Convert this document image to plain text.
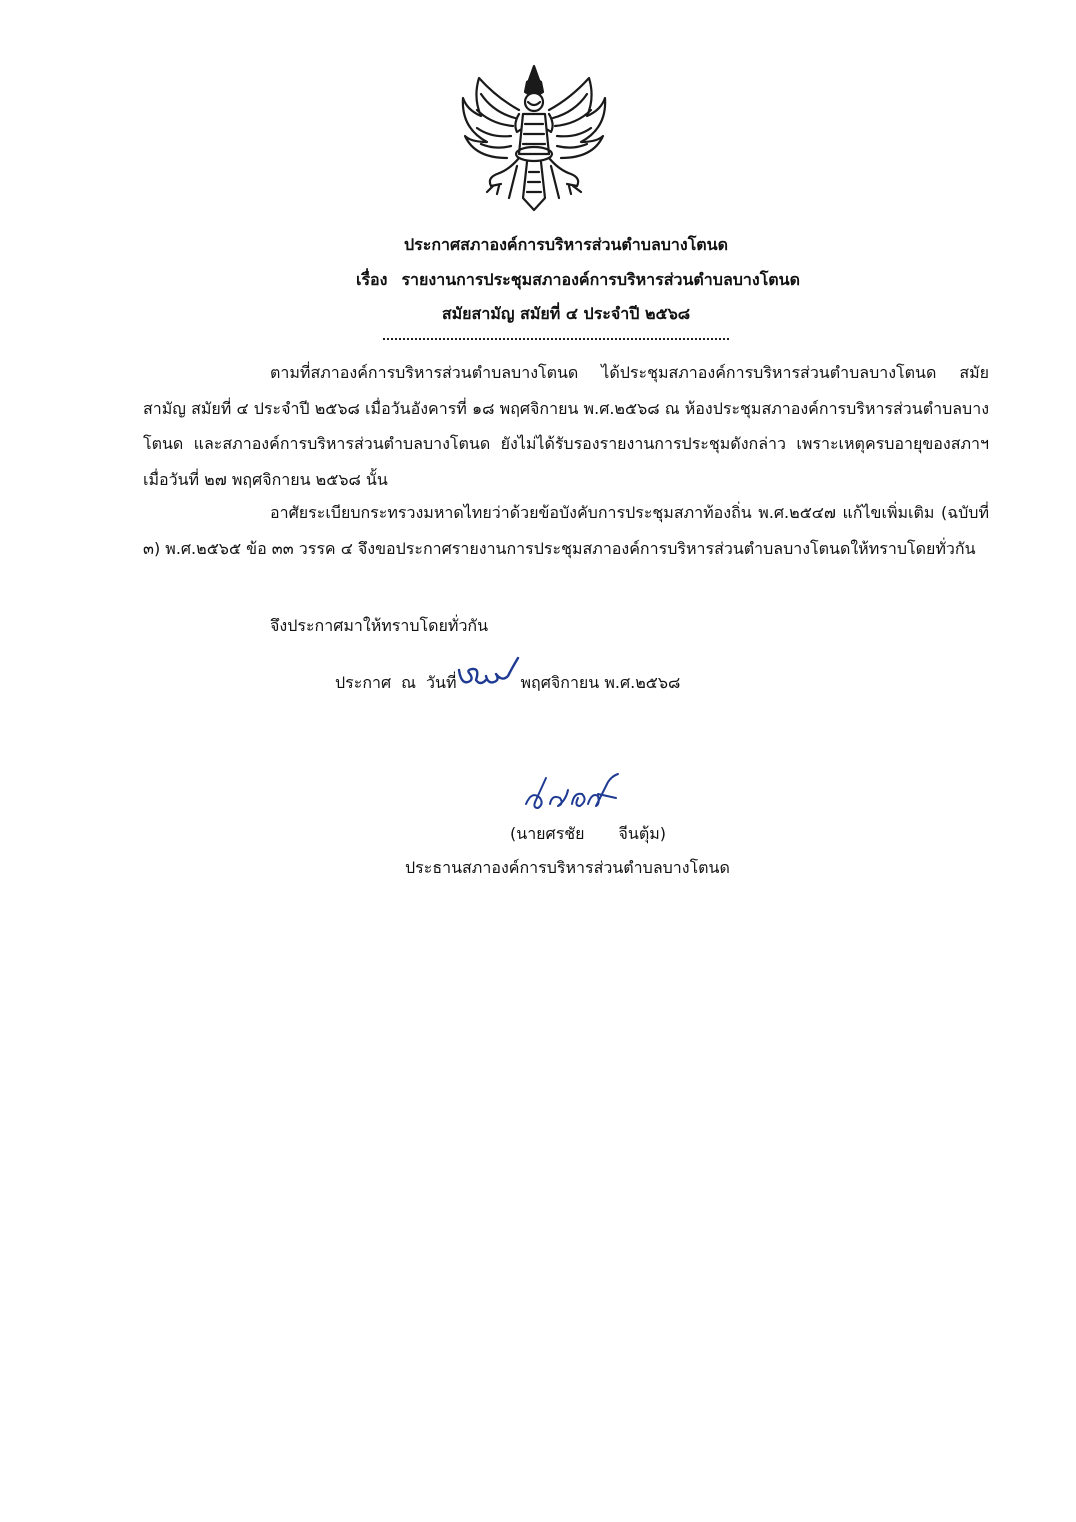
ประกาศสภาองค์การบริหารส่วนตำบลบางโตนด
เรื่อง รายงานการประชุมสภาองค์การบริหารส่วนตำบลบางโตนด
สมัยสามัญ สมัยที่ ๔ ประจำปี ๒๕๖๘
ตามที่สภาองค์การบริหารส่วนตำบลบางโตนด ได้ประชุมสภาองค์การบริหารส่วนตำบลบางโตนด สมัยสามัญ สมัยที่ ๔ ประจำปี ๒๕๖๘ เมื่อวันอังคารที่ ๑๘ พฤศจิกายน พ.ศ.๒๕๖๘ ณ ห้องประชุมสภาองค์การบริหารส่วนตำบลบางโตนด และสภาองค์การบริหารส่วนตำบลบางโตนด ยังไม่ได้รับรองรายงานการประชุมดังกล่าว เพราะเหตุครบอายุของสภาฯ เมื่อวันที่ ๒๗ พฤศจิกายน ๒๕๖๘ นั้น
อาศัยระเบียบกระทรวงมหาดไทยว่าด้วยข้อบังคับการประชุมสภาท้องถิ่น พ.ศ.๒๕๔๗ แก้ไขเพิ่มเติม (ฉบับที่ ๓) พ.ศ.๒๕๖๕ ข้อ ๓๓ วรรค ๔ จึงขอประกาศรายงานการประชุมสภาองค์การบริหารส่วนตำบลบางโตนดให้ทราบโดยทั่วกัน
จึงประกาศมาให้ทราบโดยทั่วกัน
ประกาศ ณ วันที่	พฤศจิกายน พ.ศ.๒๕๖๘
(นายศรชัย จีนตุ้ม)
ประธานสภาองค์การบริหารส่วนตำบลบางโตนด
